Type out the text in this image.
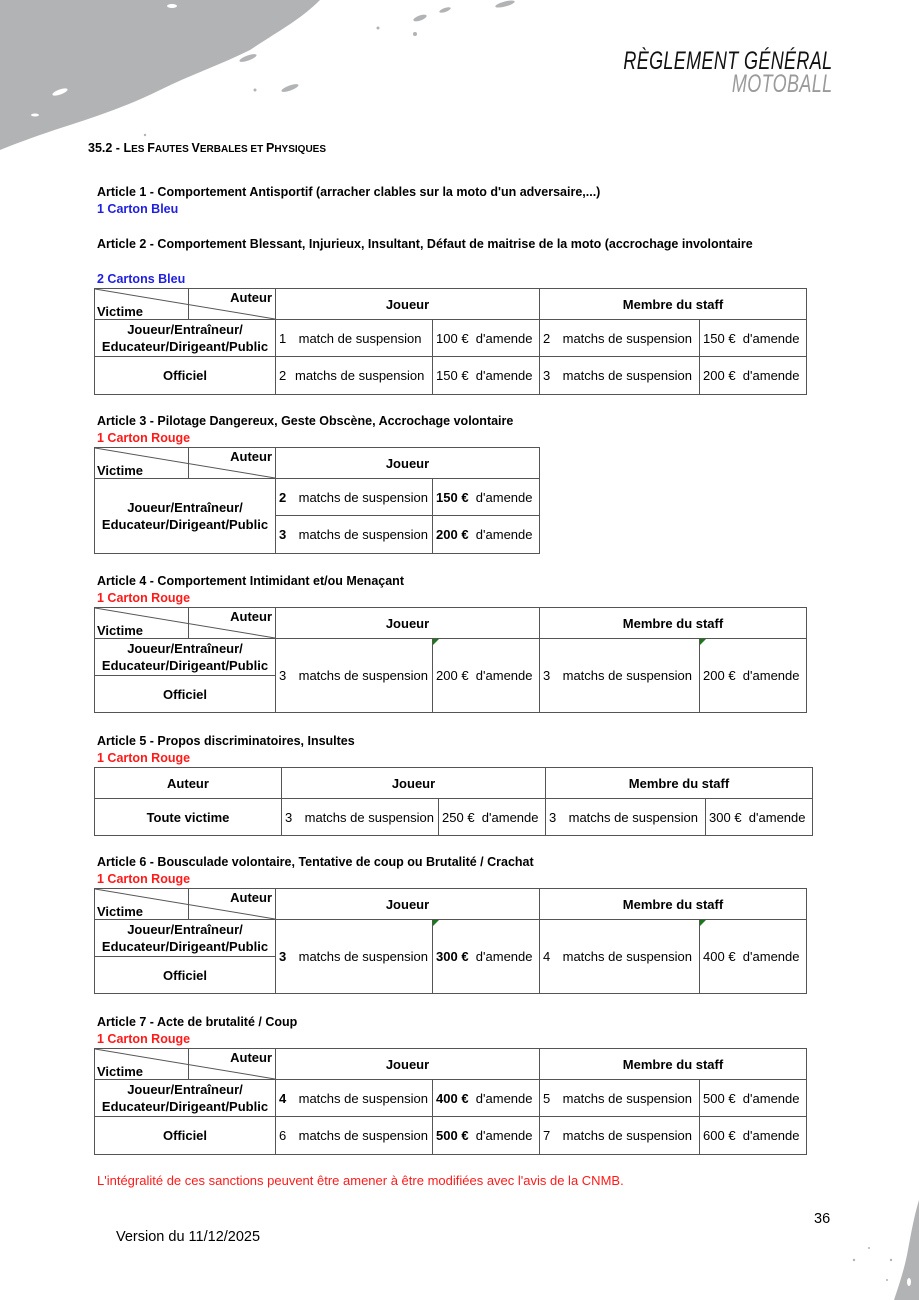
RÈGLEMENT GÉNÉRAL
MOTOBALL
35.2 - LES FAUTES VERBALES ET PHYSIQUES
Article 1 - Comportement Antisportif (arracher clables sur la moto d'un adversaire,...)
1 Carton Bleu
Article 2 - Comportement Blessant, Injurieux, Insultant, Défaut de maitrise de la moto (accrochage involontaire
2 Cartons Bleu
Auteur
Victime	Joueur		Membre du staff	
Joueur/Entraîneur/
Educateur/Dirigeant/Public	1 match de suspension	100 € d'amende	2 matchs de suspension	150 € d'amende
Officiel	2 matchs de suspension	150 € d'amende	3 matchs de suspension	200 € d'amende
Article 3 - Pilotage Dangereux, Geste Obscène, Accrochage volontaire
1 Carton Rouge
Auteur
Victime	Joueur	
Joueur/Entraîneur/
Educateur/Dirigeant/Public	2 matchs de suspension	150 € d'amende
	3 matchs de suspension	200 € d'amende
Article 4 - Comportement Intimidant et/ou Menaçant
1 Carton Rouge
Auteur
Victime	Joueur		Membre du staff	
Joueur/Entraîneur/
Educateur/Dirigeant/Public	3 matchs de suspension	200 € d'amende	3 matchs de suspension	200 € d'amende
Officiel				
Article 5 - Propos discriminatoires, Insultes
1 Carton Rouge
Auteur	Joueur		Membre du staff	
Toute victime	3 matchs de suspension	250 € d'amende	3 matchs de suspension	300 € d'amende
Article 6 - Bousculade volontaire, Tentative de coup ou Brutalité / Crachat
1 Carton Rouge
Auteur
Victime	Joueur		Membre du staff	
Joueur/Entraîneur/
Educateur/Dirigeant/Public	3 matchs de suspension	300 € d'amende	4 matchs de suspension	400 € d'amende
Officiel				
Article 7 - Acte de brutalité / Coup
1 Carton Rouge
Auteur
Victime	Joueur		Membre du staff	
Joueur/Entraîneur/
Educateur/Dirigeant/Public	4 matchs de suspension	400 € d'amende	5 matchs de suspension	500 € d'amende
Officiel	6 matchs de suspension	500 € d'amende	7 matchs de suspension	600 € d'amende
L'intégralité de ces sanctions peuvent être amener à être modifiées avec l'avis de la CNMB.
Version du 11/12/2025
36
